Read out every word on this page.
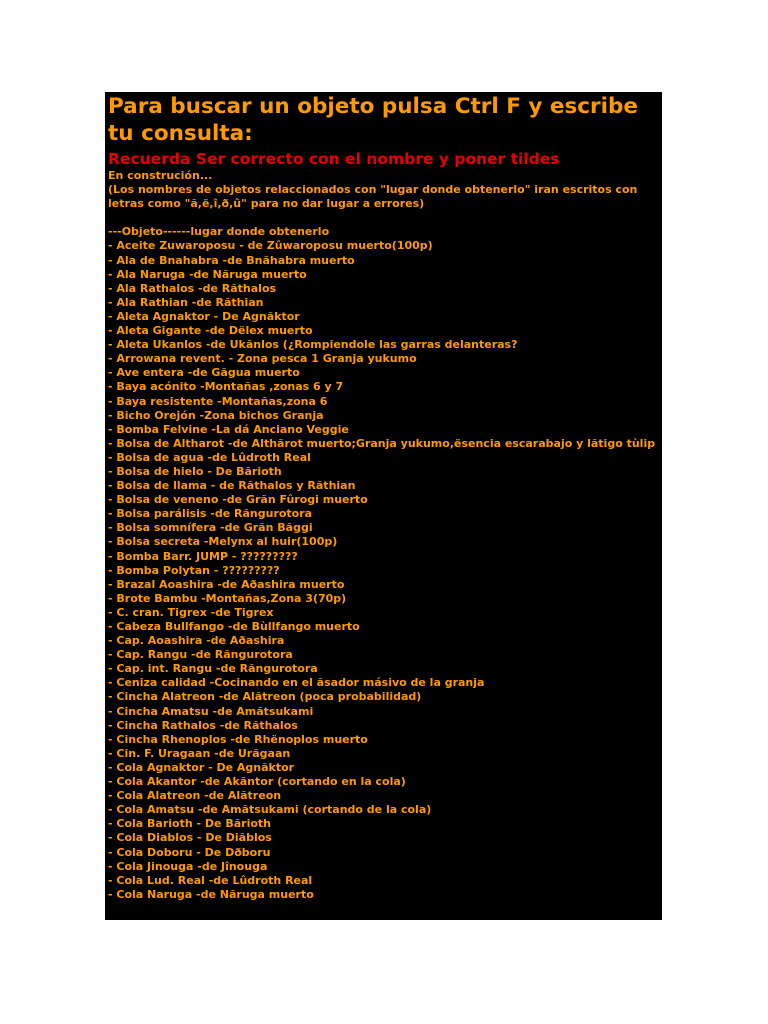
Para buscar un objeto pulsa Ctrl F y escribe tu consulta:
Recuerda Ser correcto con el nombre y poner tildes
En construción...
(Los nombres de objetos relaccionados con "lugar donde obtenerlo" iran escritos con letras como "ã,ë,î,ð,û" para no dar lugar a errores)
---Objeto------lugar donde obtenerlo
- Aceite Zuwaroposu - de Zûwaroposu muerto(100p)
- Ala de Bnahabra -de Bnãhabra muerto
- Ala Naruga -de Nãruga muerto
- Ala Rathalos -de Rãthalos
- Ala Rathian -de Rãthian
- Aleta Agnaktor - De Agnãktor
- Aleta Gigante -de Dëlex muerto
- Aleta Ukanlos -de Ukãnlos (¿Rompiendole las garras delanteras?
- Arrowana revent. - Zona pesca 1 Granja yukumo
- Ave entera -de Gãgua muerto
- Baya acónito -Montañas ,zonas 6 y 7
- Baya resistente -Montañas,zona 6
- Bicho Orejón -Zona bichos Granja
- Bomba Felvine -La dá Anciano Veggie
- Bolsa de Altharot -de Althãrot muerto;Granja yukumo,ësencia escarabajo y lãtigo tùlip
- Bolsa de agua -de Lûdroth Real
- Bolsa de hielo - De Bãrioth
- Bolsa de llama - de Rãthalos y Rãthian
- Bolsa de veneno -de Grãn Fûrogi muerto
- Bolsa parálisis -de Rãngurotora
- Bolsa somnífera -de Grãn Bãggi
- Bolsa secreta -Melynx al huir(100p)
- Bomba Barr. JUMP - ?????????
- Bomba Polytan - ?????????
- Brazal Aoashira -de Aðashira muerto
- Brote Bambu -Montañas,Zona 3(70p)
- C. cran. Tigrex -de Tigrex
- Cabeza Bullfango -de Bùllfango muerto
- Cap. Aoashira -de Aðashira
- Cap. Rangu -de Rãngurotora
- Cap. int. Rangu -de Rãngurotora
- Ceniza calidad -Cocinando en el ãsador másivo de la granja
- Cincha Alatreon -de Alãtreon (poca probabilidad)
- Cincha Amatsu -de Amãtsukami
- Cincha Rathalos -de Rãthalos
- Cincha Rhenoplos -de Rhënoplos muerto
- Cin. F. Uragaan -de Urãgaan
- Cola Agnaktor - De Agnãktor
- Cola Akantor -de Akãntor (cortando en la cola)
- Cola Alatreon -de Alãtreon
- Cola Amatsu -de Amãtsukami (cortando de la cola)
- Cola Barioth - De Bãrioth
- Cola Diablos - De Diãblos
- Cola Doboru - De Dðboru
- Cola Jinouga -de Jînouga
- Cola Lud. Real -de Lûdroth Real
- Cola Naruga -de Nãruga muerto
